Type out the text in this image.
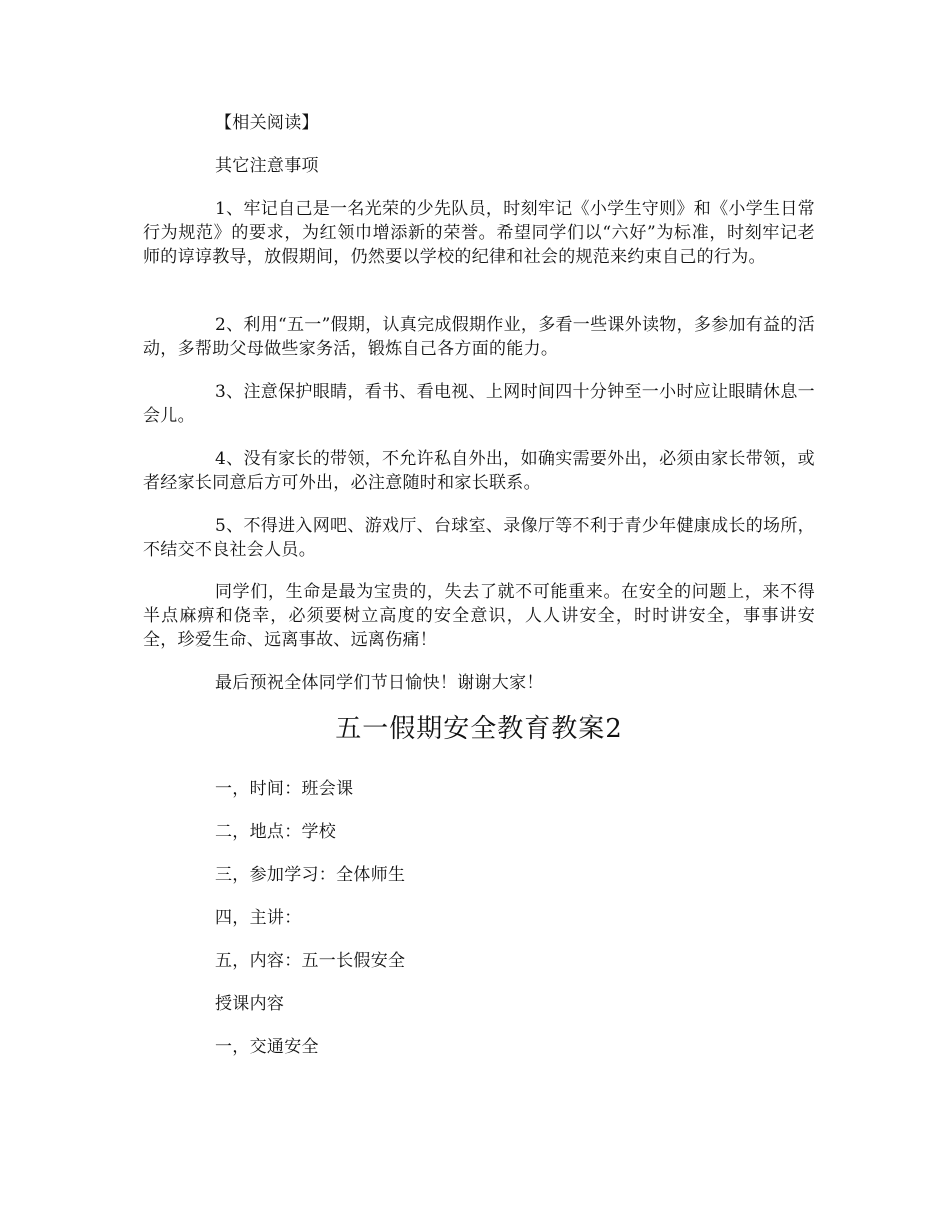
【相关阅读】

其它注意事项

1、牢记自己是一名光荣的少先队员，时刻牢记《小学生守则》和《小学生日常行为规范》的要求，为红领巾增添新的荣誉。希望同学们以“六好”为标准，时刻牢记老师的谆谆教导，放假期间，仍然要以学校的纪律和社会的规范来约束自己的行为。

2、利用“五一”假期，认真完成假期作业，多看一些课外读物，多参加有益的活动，多帮助父母做些家务活，锻炼自己各方面的能力。

3、注意保护眼睛，看书、看电视、上网时间四十分钟至一小时应让眼睛休息一会儿。

4、没有家长的带领，不允许私自外出，如确实需要外出，必须由家长带领，或者经家长同意后方可外出，必注意随时和家长联系。

5、不得进入网吧、游戏厅、台球室、录像厅等不利于青少年健康成长的场所，不结交不良社会人员。

同学们，生命是最为宝贵的，失去了就不可能重来。在安全的问题上，来不得半点麻痹和侥幸，必须要树立高度的安全意识，人人讲安全，时时讲安全，事事讲安全，珍爱生命、远离事故、远离伤痛！

最后预祝全体同学们节日愉快！谢谢大家！

五一假期安全教育教案2

一，时间：班会课

二，地点：学校

三，参加学习：全体师生

四，主讲：

五，内容：五一长假安全

授课内容

一，交通安全
